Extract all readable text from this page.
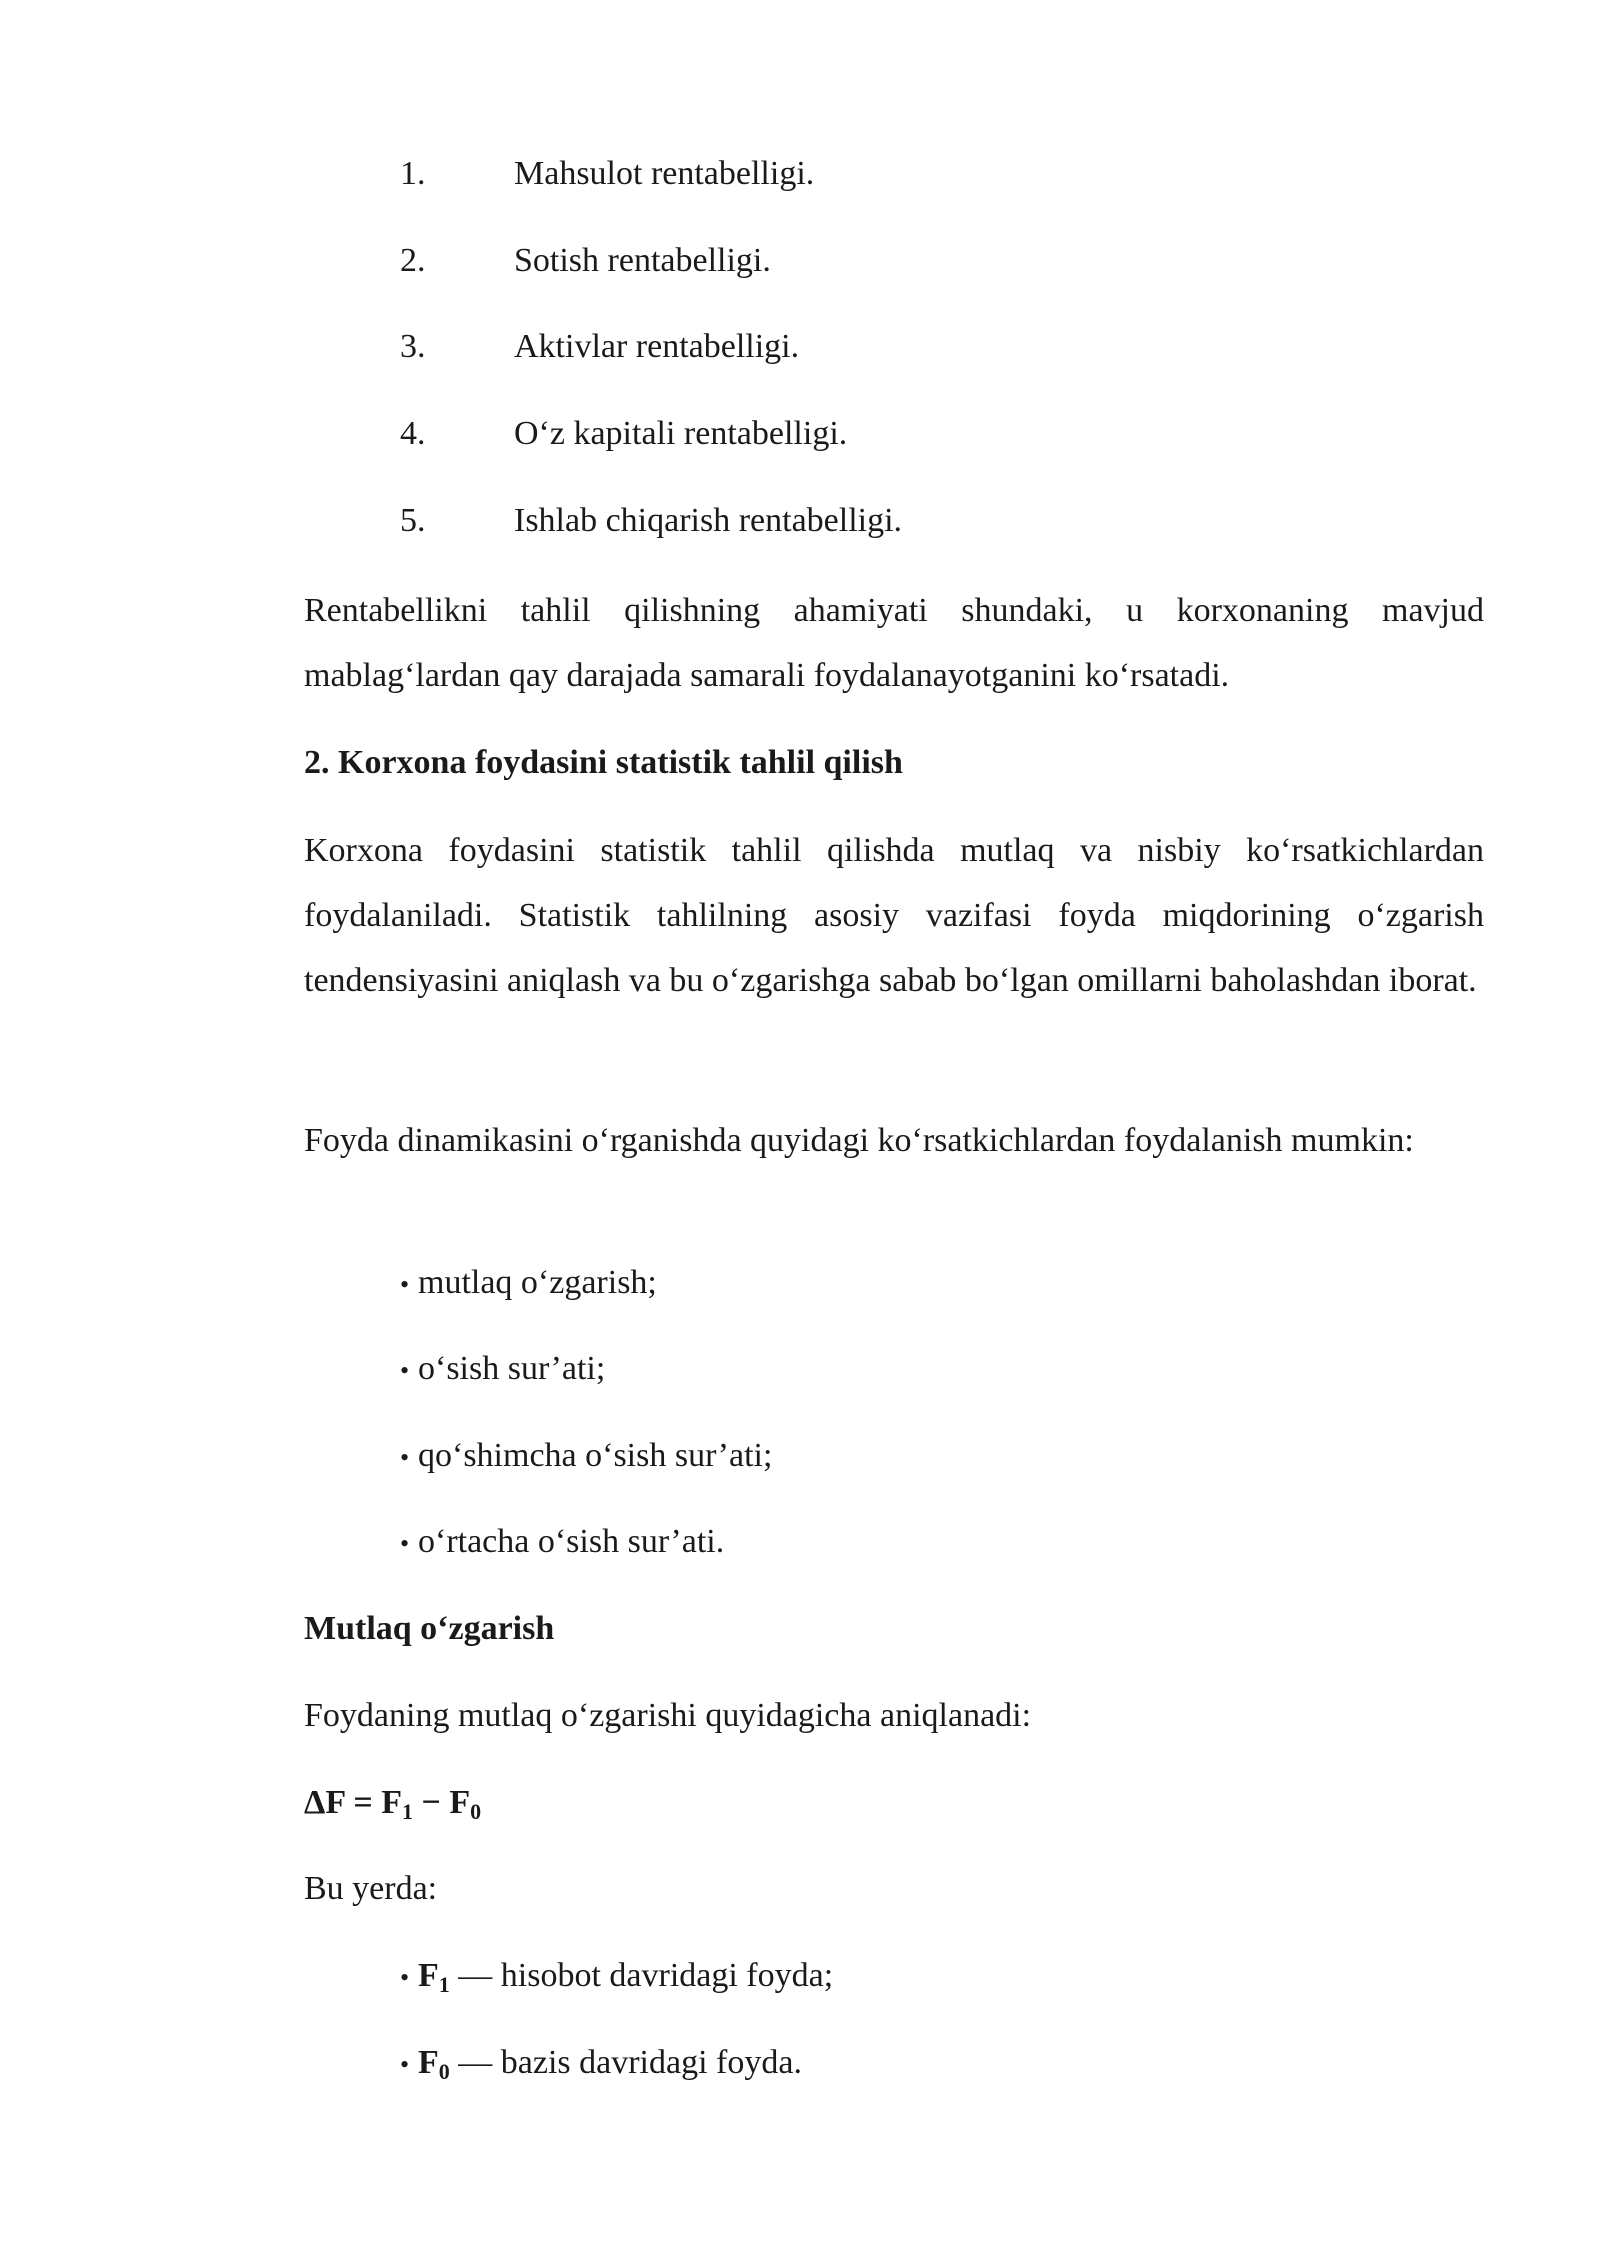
1.	Mahsulot rentabelligi.
2.	Sotish rentabelligi.
3.	Aktivlar rentabelligi.
4.	O‘z kapitali rentabelligi.
5.	Ishlab chiqarish rentabelligi.
Rentabellikni tahlil qilishning ahamiyati shundaki, u korxonaning mavjud mablag‘lardan qay darajada samarali foydalanayotganini ko‘rsatadi.
2. Korxona foydasini statistik tahlil qilish
Korxona foydasini statistik tahlil qilishda mutlaq va nisbiy ko‘rsatkichlardan foydalaniladi. Statistik tahlilning asosiy vazifasi foyda miqdorining o‘zgarish tendensiyasini aniqlash va bu o‘zgarishga sabab bo‘lgan omillarni baholashdan iborat.
Foyda dinamikasini o‘rganishda quyidagi ko‘rsatkichlardan foydalanish mumkin:
• mutlaq o‘zgarish;
• o‘sish sur’ati;
• qo‘shimcha o‘sish sur’ati;
• o‘rtacha o‘sish sur’ati.
Mutlaq o‘zgarish
Foydaning mutlaq o‘zgarishi quyidagicha aniqlanadi:
$\Delta F = F_1 - F_0$
Bu yerda:
• $F_1$ — hisobot davridagi foyda;
• $F_0$ — bazis davridagi foyda.
